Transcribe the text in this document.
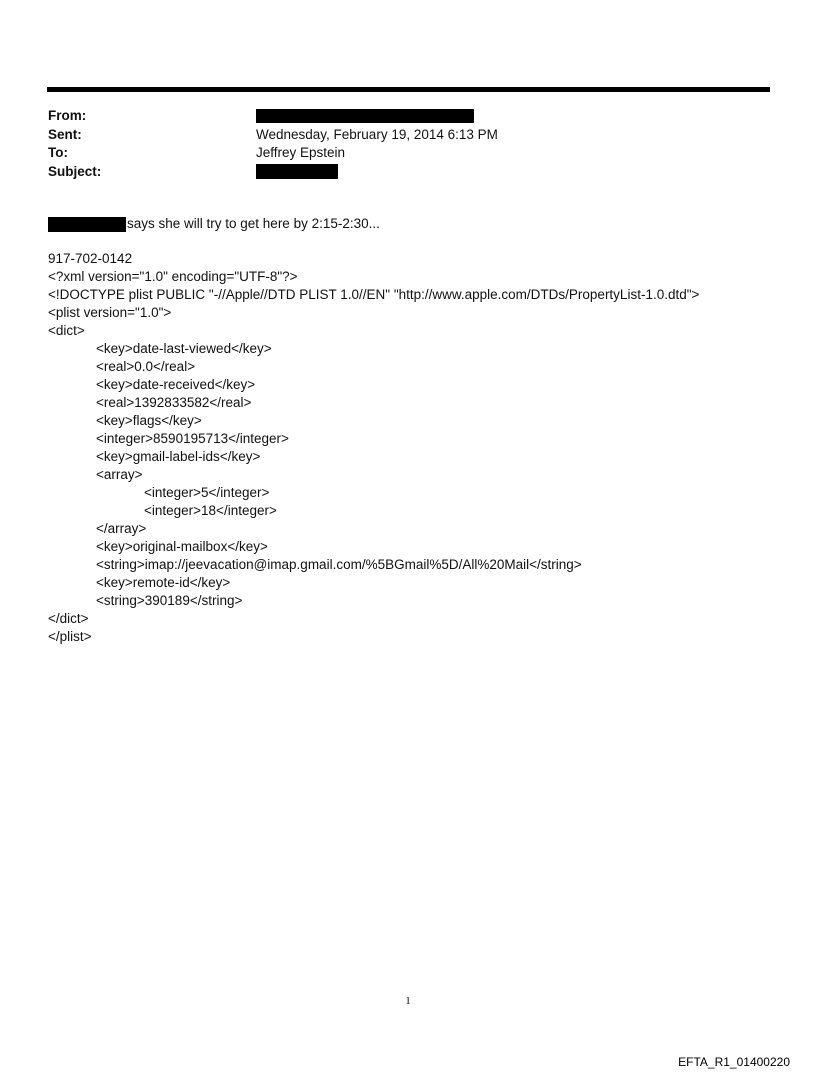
From:
Sent:	Wednesday, February 19, 2014 6:13 PM
To:	Jeffrey Epstein
Subject:
says she will try to get here by 2:15-2:30...
917-702-0142
<?xml version="1.0" encoding="UTF-8"?>
<!DOCTYPE plist PUBLIC "-//Apple//DTD PLIST 1.0//EN" "http://www.apple.com/DTDs/PropertyList-1.0.dtd">
<plist version="1.0">
<dict>
<key>date-last-viewed</key>
<real>0.0</real>
<key>date-received</key>
<real>1392833582</real>
<key>flags</key>
<integer>8590195713</integer>
<key>gmail-label-ids</key>
<array>
<integer>5</integer>
<integer>18</integer>
</array>
<key>original-mailbox</key>
<string>imap://jeevacation@imap.gmail.com/%5BGmail%5D/All%20Mail</string>
<key>remote-id</key>
<string>390189</string>
</dict>
</plist>
1
EFTA_R1_01400220
